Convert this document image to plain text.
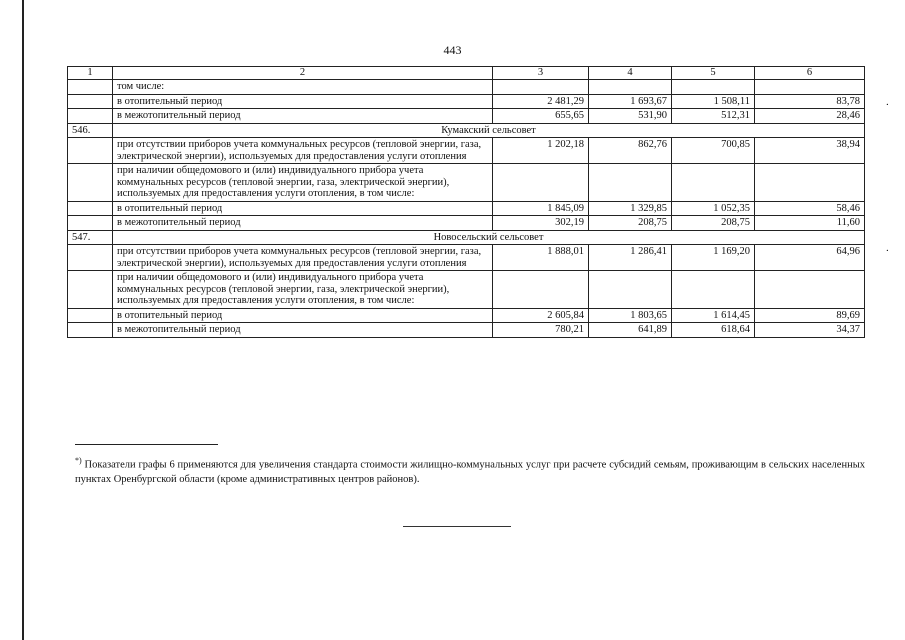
443
1	2	3	4	5	6
	том числе:				
	в отопительный период	2 481,29	1 693,67	1 508,11	83,78
	в межотопительный период	655,65	531,90	512,31	28,46
546.	Кумакский сельсовет				
	при отсутствии приборов учета коммунальных ресурсов (тепловой энергии, газа, электрической энергии), используемых для предоставления услуги отопления	1 202,18	862,76	700,85	38,94
	при наличии общедомового и (или) индивидуального прибора учета коммунальных ресурсов (тепловой энергии, газа, электрической энергии), используемых для предоставления услуги отопления, в том числе:				
	в отопительный период	1 845,09	1 329,85	1 052,35	58,46
	в межотопительный период	302,19	208,75	208,75	11,60
547.	Новосельский сельсовет				
	при отсутствии приборов учета коммунальных ресурсов (тепловой энергии, газа, электрической энергии), используемых для предоставления услуги отопления	1 888,01	1 286,41	1 169,20	64,96
	при наличии общедомового и (или) индивидуального прибора учета коммунальных ресурсов (тепловой энергии, газа, электрической энергии), используемых для предоставления услуги отопления, в том числе:				
	в отопительный период	2 605,84	1 803,65	1 614,45	89,69
	в межотопительный период	780,21	641,89	618,64	34,37
.
.
*) Показатели графы 6 применяются для увеличения стандарта стоимости жилищно-коммунальных услуг при расчете субсидий семьям, проживающим в сельских населенных пунктах Оренбургской области (кроме административных центров районов).
